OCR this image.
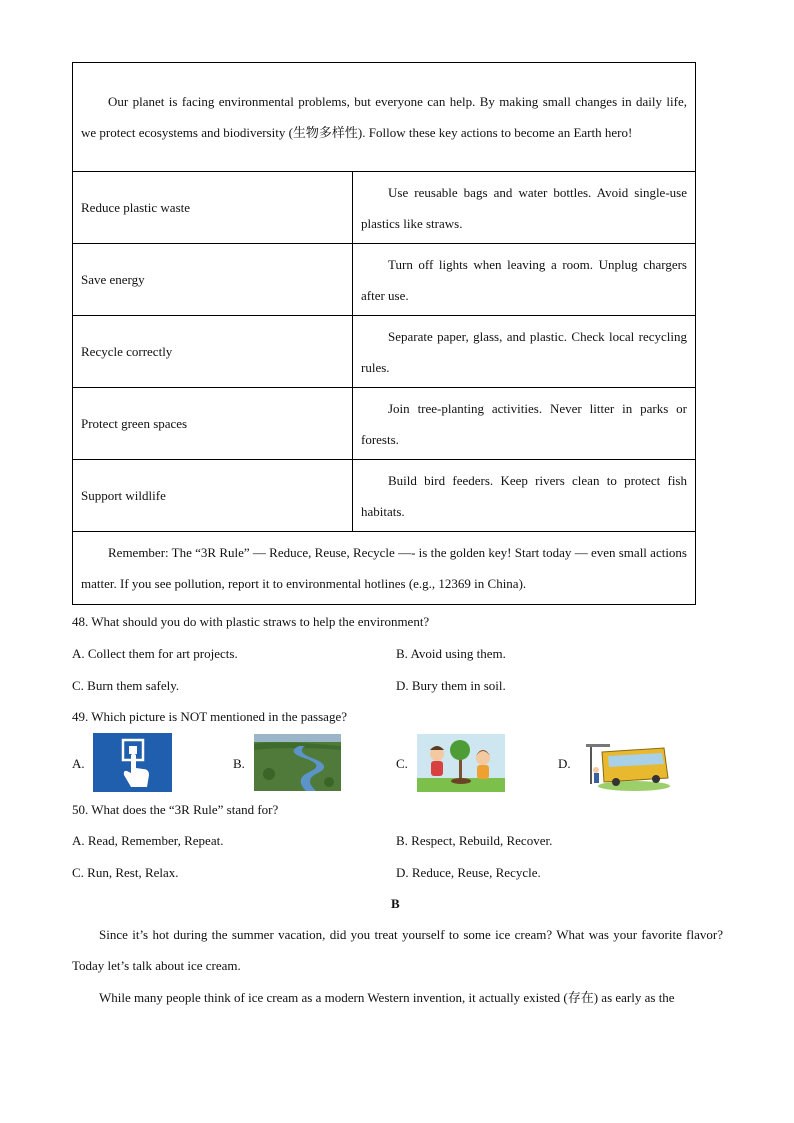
Our planet is facing environmental problems, but everyone can help. By making small changes in daily life, we protect ecosystems and biodiversity (生物多样性). Follow these key actions to become an Earth hero!	
Reduce plastic waste	Use reusable bags and water bottles. Avoid single-use plastics like straws.
Save energy	Turn off lights when leaving a room. Unplug chargers after use.
Recycle correctly	Separate paper, glass, and plastic. Check local recycling rules.
Protect green spaces	Join tree-planting activities. Never litter in parks or forests.
Support wildlife	Build bird feeders. Keep rivers clean to protect fish habitats.
Remember: The “3R Rule” — Reduce, Reuse, Recycle —- is the golden key! Start today — even small actions matter. If you see pollution, report it to environmental hotlines (e.g., 12369 in China).	
48. What should you do with plastic straws to help the environment?
A. Collect them for art projects.	B. Avoid using them.
C. Burn them safely.	D. Bury them in soil.
49. Which picture is NOT mentioned in the passage?
A.	B.	C.	D.
50. What does the “3R Rule” stand for?
A. Read, Remember, Repeat.	B. Respect, Rebuild, Recover.
C. Run, Rest, Relax.	D. Reduce, Reuse, Recycle.
B
Since it’s hot during the summer vacation, did you treat yourself to some ice cream? What was your favorite flavor? Today let’s talk about ice cream.
While many people think of ice cream as a modern Western invention, it actually existed (存在) as early as the
